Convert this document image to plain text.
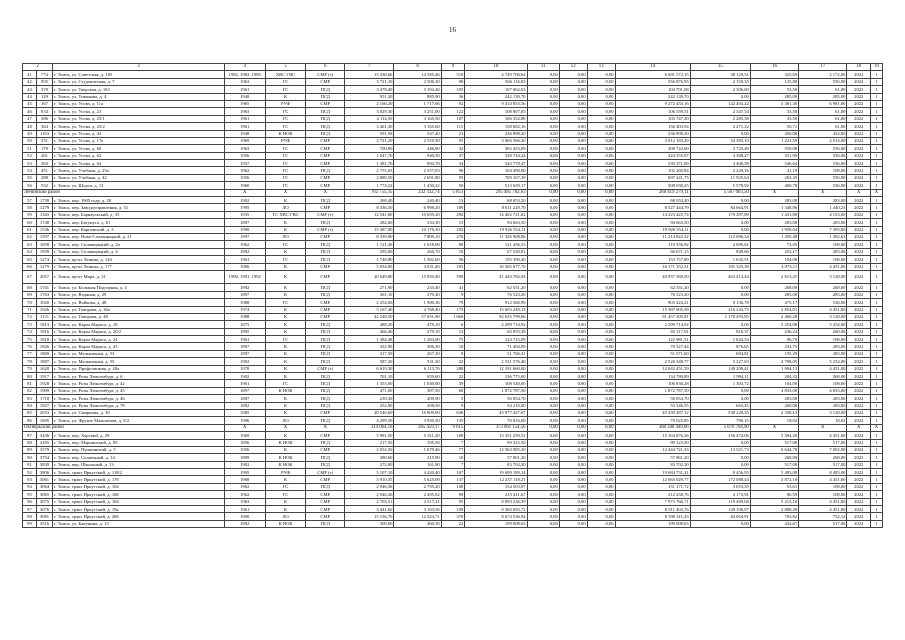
16
2		3	4	5	6	7	8	9	10	11	12	13	14	15	16	17	18	19
41	774	г. Томск, ул. Советская, д. 105	1982, 1983, 1985	ХВС ГВС	СМР (т)	15 438,66	14 585,46	518	4 749 700,64	0,00	0,00	0,00	6 691 572,15	38 129,51	325,69	2 172,00	2022	1
42	955	г. Томск, ул. Студенческая, д. 7	1963	ГС	СМР	3 721,10	2 506,30	90	566 116,83	0,00	0,00	0,00	556 876,95	2 150,35	125,88	556,00	2022	1
43	370	г. Томск, ул. Тверская, д. 103	1961	ГС	ПСД	3 478,40	3 194,40	105	107 062,63	0,00	0,00	0,00	104 701,08	2 306,60	53,50	61,00	2022	1
44	129	г. Томск, ул. Тимакова, д. 4	1948	К	ПСД	951,30	885,90	36	242 139,70	0,00	0,00	0,00	242 139,70	0,00	285,00	285,00	2022	1
45	167	г. Томск, ул. Усова, д. 11а	1965	РУФ	СМР	2 166,20	1 717,66	92	9 414 853,56	0,00	0,00	0,00	9 272 433,16	142 404,22	5 481,30	6 981,00	2022	1
46	834	г. Томск, ул. Усова, д. 23	1963	ГС	ПСД	3 829,30	3 251,00	122	108 907,05	0,00	0,00	0,00	106 559,51	2 347,54	33,50	61,00	2022	1
47	386	г. Томск, ул. Усова, д. 25/1	1961	ГС	ПСД	4 114,50	3 165,50	107	106 352,88	0,00	0,00	0,00	103 747,30	2 285,58	33,50	61,00	2022	1
48	364	г. Томск, ул. Усова, д. 25/2	1961	ГС	ПСД	3 461,30	3 165,60	115	158 682,16	0,00	0,00	0,00	156 403,94	2 271,22	50,71	61,00	2022	1
49	1163	г. Томск, ул. Усова, д. 42	1948	К НОК	ПСД	591,58	547,40	21	236 898,20	0,00	0,00	0,00	236 898,20	0,00	450,00	432,00	2022	1
50	551	г. Томск, ул. Усова, д. 17а	1969	РУФ	СМР	2 721,20	2 510,30	95	3 066 566,30	0,00	0,00	0,00	3 012 183,20	54 383,10	1 221,59	2 014,00	2022	1
51	179	г. Томск, ул. Усова, д. 60	1963	ГС	СМР	700,90	446,90	32	302 453,09	0,00	0,00	0,00	298 722,60	3 725,49	559,08	556,00	2022	1
52	261	г. Томск, ул. Усова, д. 62	1956	ГС	СМР	1 047,70	940,50	37	328 744,24	0,00	0,00	0,00	324 355,97	4 388,27	331,90	336,00	2022	1
53	263	г. Томск, ул. Усова, д. 64	1957	ГС	СМР	1 381,70	994,70	34	543 778,47	0,00	0,00	0,00	539 371,89	4 406,58	546,64	536,00	2022	1
54	451	г. Томск, ул. Учебная, д. 25а	1962	ГС	ПСД	2 755,03	2 557,03	96	104 490,00	0,00	0,00	0,00	102 260,84	2 229,16	41,19	108,00	2022	1
55	288	г. Томск, ул. Учебная, д. 42	1956	ГС	СМР	2 889,50	2 691,80	95	709 167,39	0,00	0,00	0,00	697 241,75	11 925,64	263,45	556,00	2022	1
56	552	г. Томск, ул. Шорса, д. 13	1960	ГС	СМР	1 774,22	1 430,22	50	513 659,17	0,00	0,00	0,00	508 030,25	5 578,92	400,78	536,00	2022	1
Ленинский район			X	X	X	762 755,35	232 332,74	5 851	295 485 782,63	0,00	0,00	0,00	288 419 279,11	5 567 003,50	X	X	X	X
57	1739	г. Томск, пер. 1905 года, д. 20	1902	К	ПСД	268,40	240,40	13	68 053,20	0,00	0,00	0,00	68 053,20	0,00	283,00	283,00	2022	1
58	1279	г. Томск, пер. Заводоуправления, д. 31	1995	ЛО	СМР	8 336,50	6 998,20	189	8 611 229,70	0,00	0,00	0,00	8 527 444,79	84 664,91	1 348,86	1 440,23	2022	1
59	1343	г. Томск, пер. Барнаульский, д. 35	1935	ТС ХВС ГВС	СМР (т)	12 541,80	10 659,20	292	14 402 721,62	0,00	0,00	0,00	14 223 425,74	179 297,89	1 431,80	4 153,00	2022	1
60	1748	г. Томск, пер. Батумуга, д. 61	1897	К	ПСД	282,60	334,30	15	94 663,50	0,00	0,00	0,00	94 663,50	0,00	283,00	283,00	2022	1
61	1536	г. Томск, пер. Карповский, д. 3	1990	К	СМР (т)	15 387,00	10 176,30	282	19 926 554,11	0,00	0,00	0,00	19 926 554,11	0,00	1 958,04	7 395,00	2022	1
62	1597	г. Томск, пер. Ново-Сплавщицкий, д. 21	1997	ЛО	СМР	8 339,80	7 809,10	276	11 326 908,86	0,00	0,00	0,00	11 214 822,52	112 086,34	1 450,48	1 382,63	2022	1
63	1858	г. Томск, пер. Сплавщицкий, д. 2а	1962	ГС	ПСД	1 721,36	1 618,00	80	121 456,53	0,00	0,00	0,00	119 356,92	2 099,61	73,05	108,00	2022	1
64	1939	г. Томск, пер. Сплавщицкий, д. 6	1892	К	ПСД	295,00	266,70	10	67 520,81	0,00	0,00	0,00	66 671,15	849,66	253,17	283,00	2022	1
65	1274	г. Томск, пр-кт Ленина, д. 144	1961	ГС	ПСД	1 748,80	1 582,60	56	155 390,40	0,00	0,00	0,00	153 757,89	1 632,51	104,00	108,00	2022	1
66	1279	г. Томск, пр-кт Ленина, д. 177	1966	К	СМР	5 034,00	4 031,40	105	16 565 677,70	0,00	0,00	0,00	16 171 352,31	191 325,39	4 073,11	4 451,00	2022	1
67	2057	г. Томск, пр-кт Мира, д. 31	1990, 1991, 1992	К	СМР	20 649,80	15 850,40	599	41 420 782,94	0,00	0,00	0,00	40 957 369,50	463 413,44	2 613,25	3 128,00	2022	1
68	1741	г. Томск, ул. Большая Подгорная, д. 4	1892	К	ПСД	271,90	233,40	41	62 551,20	0,00	0,00	0,00	62 551,20	0,00	268,00	268,00	2022	1
69	1763	г. Томск, ул. Водяная, д. 29	1897	К	ПСД	361,10	270,40	9	76 523,20	0,00	0,00	0,00	76 523,20	0,00	283,00	283,00	2022	1
70	1020	г. Томск, ул. Войкова, д. 48	1988	ГС	СМР	2 254,06	1 900,36	79	912 560,99	0,00	0,00	0,00	903 424,21	9 136,78	475,17	536,00	2022	1
71	1026	г. Томск, ул. Говорова, д. 36а	1974	К	СМР	5 167,40	4 768,40	175	15 603 249,13	0,00	0,00	0,00	15 387 005,58	216 243,75	2 854,01	4 451,00	2022	1
72	1131	г. Томск, ул. Говорова, д. 48	1988	К	СМР	42 248,50	37 651,90	1 666	92 635 799,66	0,00	0,00	0,00	91 457 305,81	1 178 493,85	2 460,28	3 128,00	2022	1
73	1813	г. Томск, ул. Карла Маркса, д. 18	1875	К	ПСД	488,20	479,10	6	2 299 714,92	0,00	0,00	0,00	2 299 714,92	0,00	5 254,00	5 254,00	2022	1
74	1816	г. Томск, ул. Карла Маркса, д. 20/2	1895	К	ПСД	366,40	279,10	12	65 955,38	0,00	0,00	0,00	65 117,01	816,37	236,24	260,00	2022	1
75	1818	г. Томск, ул. Карла Маркса, д. 24	1961	ГС	ПСД	1 384,48	1 284,00	75	124 715,09	0,00	0,00	0,00	122 981,51	1 634,54	96,70	108,00	2022	1
76	1826	г. Томск, ул. Карла Маркса, д. 43	1897	К	ПСД	332,90	306,30	10	71 404,09	0,00	0,00	0,00	70 527,44	876,65	233,75	283,00	2022	1
77	1869	г. Томск, ул. Мельничная, д. 53	1897	К	ПСД	317,50	267,30	8	51 766,41	0,00	0,00	0,00	51 071,60	694,81	195,29	283,00	2022	1
78	1887	г. Томск, ул. Мельничная, д. 55	1902	К	ПСД	587,20	531,30	22	2 531 576,40	0,00	0,00	0,00	2 526 348,77	5 227,63	4 798,05	5 254,00	2022	1
79	1620	г. Томск, ул. Профсоюзная, д. 20а	1978	К	СМР (т)	6 619,30	6 113,76	288	12 191 660,00	0,00	0,00	0,00	12 042 451,59	149 208,41	1 994,13	4 451,00	2022	1
80	1917	г. Томск, ул. Розы Люксембург, д. 6	1902	К	ПСД	701,10	659,60	22	136 775,00	0,00	0,00	0,00	134 780,89	1 994,11	204,33	268,00	2022	1
81	1928	г. Томск, ул. Розы Люксембург, д. 42	1961	ГС	ПСД	1 353,00	1 040,00	39	108 540,00	0,00	0,00	0,00	106 836,28	1 303,72	104,00	108,00	2022	1
82	1909	г. Томск, ул. Розы Люксембург, д. 45	1897	К НОК	ПСД	471,00	387,50	60	1 872 787,50	0,00	0,00	0,00	1 872 787,50	0,00	4 833,00	4 833,00	2022	1
83	1718	г. Томск, ул. Розы Люксембург, д. 46	1887	К	ПСД	239,30	209,90	5	56 854,70	0,00	0,00	0,00	56 854,70	0,00	283,00	283,00	2022	1
84	1927	г. Томск, ул. Розы Люксембург, д. 78	1892	К	ПСД	252,90	208,50	9	54 210,00	0,00	0,00	0,00	53 546,55	663,45	260,00	283,00	2022	1
85	2033	г. Томск, ул. Смирнова, д. 30	1985	К	СМР	20 546,60	16 809,00	638	45 977 427,67	0,00	0,00	0,00	45 439 287,12	538 220,55	2 338,13	3 128,00	2022	1
86	1695	г. Томск, ул. Фрунзе Мамонтова, д. 8/2	1996	ЛО	ПСД	4 299,50	3 950,50	135	70 816,00	0,00	0,00	0,00	70 025,85	790,15	18,02	18,02	2022	1
Октябрьский район			X	X	X	314 064,10	265 459,17	9 615	373 061 154,56	0,00	0,00	0,00	368 340 449,66	5 676 704,90	X	X	X	X
87	3436	г. Томск, пер. Харский, д. 29	1969	К	СМР	5 981,50	5 311,20	108	15 351 250,52	0,00	0,00	0,00	15 164 876,26	156 474,06	5 394,20	4 451,00	2022	1
88	4165	г. Томск, пер. Марпинский, д. 85	1856	К НОК	ПСД	217,50	195,50	7	99 323,50	0,00	0,00	0,00	99 323,50	0,00	517,00	517,00	2022	1
89	3379	г. Томск, пер. Пушкинский, д. 5	1956	К	СМР	2 034,56	1 679,46	77	12 563 985,20	0,00	0,00	0,00	12 444 721,53	13 521,73	6 644,78	7 002,00	2022	1
90	3754	г. Томск, пер. Солнечный, д. 14	1899	К НОК	ПСД	380,60	215,90	10	57 861,20	0,00	0,00	0,00	57 861,20	0,00	268,00	268,00	2022	1
91	3839	г. Томск, пер. Школьный, д. 13	1902	К НОК	ПСД	272,80	161,90	7	83 702,30	0,00	0,00	0,00	83 702,30	0,00	517,00	517,00	2022	1
92	3806	г. Томск, тракт Иркутский, д. 118/2	1995	РУФ	СМР (т)	5 107,10	4 420,40	167	19 699 189,14	0,00	0,00	0,00	19 684 731,21	8 456,95	5 483,00	8 483,00	2022	1
93	3061	г. Томск, тракт Иркутский, д. 178	1968	К	СМР	5 910,35	5 625,08	137	12 237 118,21	0,00	0,00	0,00	12 065 029,77	172 088,44	5 872,18	4 451,00	2022	1
94	3064	г. Томск, тракт Иркутский, д. 164	1962	ГС	ПСД	2 946,36	2 795,20	108	154 503,07	0,00	0,00	0,00	151 171,72	3 053,35	55,61	108,00	2022	1
95	3065	г. Томск, тракт Иркутский, д. 168	1962	ГС	СМР	2 946,36	2 495,02	99	215 411,67	0,00	0,00	0,00	212 258,76	3 173,91	86,59	108,00	2022	1
96	3075	г. Томск, тракт Иркутский, д. 184	1963	К	СМР	2 703,51	2 517,21	95	8 093 236,39	0,00	0,00	0,00	7 973 766,71	119 469,68	5 215,16	4 451,00	2022	1
97	3076	г. Томск, тракт Иркутский, д. 19а	1961	К	СМР	3 441,60	3 163,56	109	9 360 693,72	0,00	0,00	0,00	8 911 403,76	149 196,97	2 888,28	4 451,00	2022	1
98	3081	г. Томск, тракт Иркутский, д. 206	1990	ЛО	СМР	15 156,70	12 324,71	378	8 674 536,94	0,00	0,00	0,00	8 590 311,43	84 064,91	703,82	752,12	2022	1
99	3516	г. Томск, ул. Бакунина, д. 13	1892	К НОК	ПСД	300,00	460,30	22	199 008,63	0,00	0,00	0,00	199 008,63	0,00	432,67	517,00	2022	1
